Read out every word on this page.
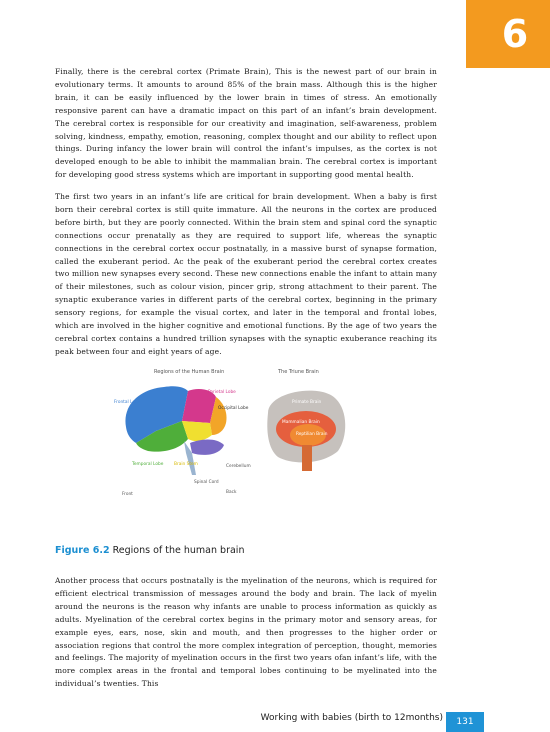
6

Finally, there is the cerebral cortex (Primate Brain), This is the newest part of our brain in evolutionary terms. It amounts to around 85% of the brain mass. Although this is the higher brain, it can be easily influenced by the lower brain in times of stress. An emotionally responsive parent can have a dramatic impact on this part of an infant’s brain development. The cerebral cortex is responsible for our creativity and imagination, self-awareness, problem solving, kindness, empathy, emotion, reasoning, complex thought and our ability to reflect upon things. During infancy the lower brain will control the infant’s impulses, as the cortex is not developed enough to be able to inhibit the mammalian brain. The cerebral cortex is important for developing good stress systems which are important in supporting good mental health.

The first two years in an infant’s life are critical for brain development. When a baby is first born their cerebral cortex is still quite immature. All the neurons in the cortex are produced before birth, but they are poorly connected. Within the brain stem and spinal cord the synaptic connections occur prenatally as they are required to support life, whereas the synaptic connections in the cerebral cortex occur postnatally, in a massive burst of synapse formation, called the exuberant period. Ac the peak of the exuberant period the cerebral cortex creates two million new synapses every second. These new connections enable the infant to attain many of their milestones, such as colour vision, pincer grip, strong attachment to their parent. The synaptic exuberance varies in different parts of the cerebral cortex, beginning in the primary sensory regions, for example the visual cortex, and later in the temporal and frontal lobes, which are involved in the higher cognitive and emotional functions. By the age of two years the cerebral cortex contains a hundred trillion synapses with the synaptic exuberance reaching its peak between four and eight years of age.

Regions of the Human Brain	The Triune Brain
Frontal Lobe
Parietal Lobe
Occipital Lobe
Temporal Lobe Brain Stem	Cerebellum
Spinal Cord
Front	Back
Primate Brain
Mammalian Brain
Reptilian Brain
Figure 6.2 Regions of the human brain

Another process that occurs postnatally is the myelination of the neurons, which is required for efficient electrical transmission of messages around the body and brain. The lack of myelin around the neurons is the reason why infants are unable to process information as quickly as adults. Myelination of the cerebral cortex begins in the primary motor and sensory areas, for example eyes, ears, nose, skin and mouth, and then progresses to the higher order or association regions that control the more complex integration of perception, thought, memories and feelings. The majority of myelination occurs in the first two years ofan infant’s life, with the more complex areas in the frontal and temporal lobes continuing to be myelinated into the individual’s twenties. This

Working with babies (birth to 12months)	131
